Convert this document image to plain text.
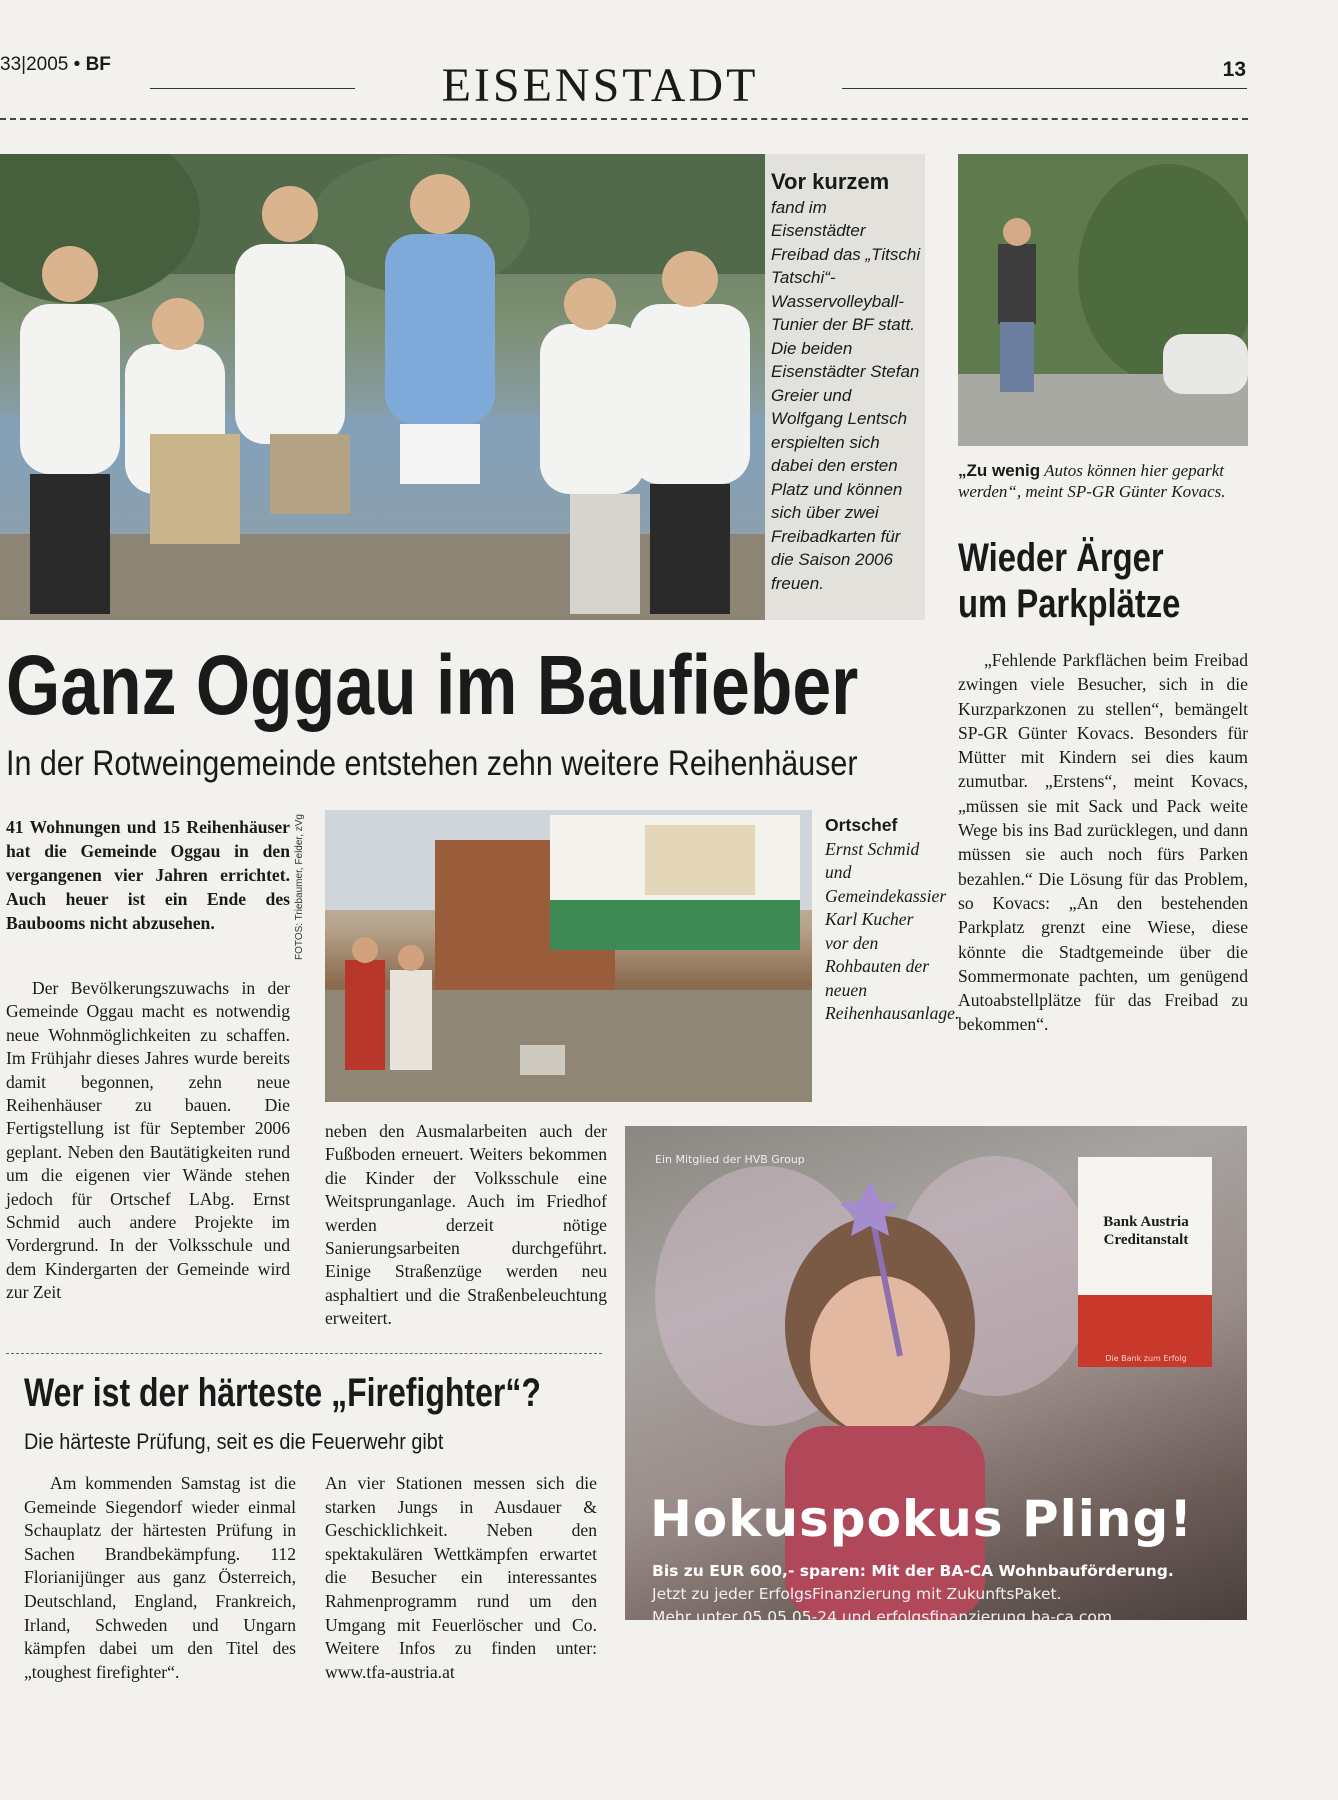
33|2005 • BF	EISENSTADT	13
Vor kurzem fand im Eisenstädter Freibad das „Titschi Tatschi“-Wasservolleyball-Tunier der BF statt. Die beiden Eisenstädter Stefan Greier und Wolfgang Lentsch erspielten sich dabei den ersten Platz und können sich über zwei Freibadkarten für die Saison 2006 freuen.
„Zu wenig Autos können hier geparkt werden“, meint SP-GR Günter Kovacs.
Wieder Ärger um Parkplätze

„Fehlende Parkflächen beim Freibad zwingen viele Besucher, sich in die Kurzparkzonen zu stellen“, bemängelt SP-GR Günter Kovacs. Besonders für Mütter mit Kindern sei dies kaum zumutbar. „Erstens“, meint Kovacs, „müssen sie mit Sack und Pack weite Wege bis ins Bad zurücklegen, und dann müssen sie auch noch fürs Parken bezahlen.“ Die Lösung für das Problem, so Kovacs: „An den bestehenden Parkplatz grenzt eine Wiese, diese könnte die Stadtgemeinde über die Sommermonate pachten, um genügend Autoabstellplätze für das Freibad zu bekommen“.

Ganz Oggau im Baufieber
In der Rotweingemeinde entstehen zehn weitere Reihenhäuser
41 Wohnungen und 15 Reihenhäuser hat die Gemeinde Oggau in den vergangenen vier Jahren errichtet. Auch heuer ist ein Ende des Baubooms nicht abzusehen.

Der Bevölkerungszuwachs in der Gemeinde Oggau macht es notwendig neue Wohnmöglichkeiten zu schaffen. Im Frühjahr dieses Jahres wurde bereits damit begonnen, zehn neue Reihenhäuser zu bauen. Die Fertigstellung ist für September 2006 geplant. Neben den Bautätigkeiten rund um die eigenen vier Wände stehen jedoch für Ortschef LAbg. Ernst Schmid auch andere Projekte im Vordergrund. In der Volksschule und dem Kindergarten der Gemeinde wird zur Zeit

FOTOS: Triebaumer, Felder, zVg	Ortschef Ernst Schmid und Gemeindekassier Karl Kucher vor den Rohbauten der neuen Reihenhausanlage.

neben den Ausmalarbeiten auch der Fußboden erneuert. Weiters bekommen die Kinder der Volksschule eine Weitsprunganlage. Auch im Friedhof werden derzeit nötige Sanierungsarbeiten durchgeführt. Einige Straßenzüge werden neu asphaltiert und die Straßenbeleuchtung erweitert.

Wer ist der härteste „Firefighter“?
Die härteste Prüfung, seit es die Feuerwehr gibt

Am kommenden Samstag ist die Gemeinde Siegendorf wieder einmal Schauplatz der härtesten Prüfung in Sachen Brandbekämpfung. 112 Florianijünger aus ganz Österreich, Deutschland, England, Frankreich, Irland, Schweden und Ungarn kämpfen dabei um den Titel des „toughest firefighter“.

An vier Stationen messen sich die starken Jungs in Ausdauer & Geschicklichkeit. Neben den spektakulären Wettkämpfen erwartet die Besucher ein interessantes Rahmenprogramm rund um den Umgang mit Feuerlöscher und Co. Weitere Infos zu finden unter: www.tfa-austria.at

Ein Mitglied der HVB Group
Bank Austria
Creditanstalt
Die Bank zum Erfolg
Hokuspokus Pling!
Bis zu EUR 600,- sparen: Mit der BA-CA Wohnbauförderung.
Jetzt zu jeder ErfolgsFinanzierung mit ZukunftsPaket.
Mehr unter 05 05 05-24 und erfolgsfinanzierung.ba-ca.com
